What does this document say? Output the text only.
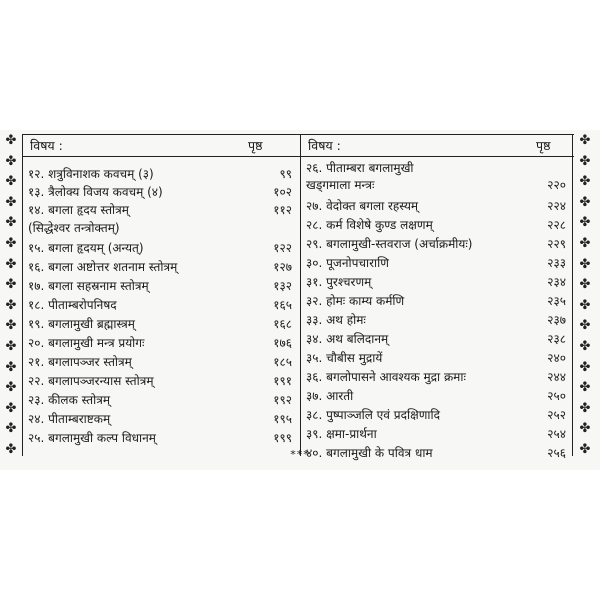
✤
✤
✤
✤
✤
✤
✤
✤
✤
✤
✤
✤
✤
✤
✤
✤
✤
✤
✤
✤
✤
✤
✤
✤
✤
✤
✤
✤
✤
✤
✤
✤
विषय :	पृष्ठ	विषय :	पृष्ठ
१२. शत्रुविनाशक कवचम् (३)	९९
१३. त्रैलोक्य विजय कवचम् (४)	१०२
१४. बगला हृदय स्तोत्रम्	११२
(सिद्धेश्वर तन्त्रोक्तम्)
१५. बगला हृदयम् (अन्यत्)	१२२
१६. बगला अष्टोत्तर शतनाम स्तोत्रम्	१२७
१७. बगला सहस्रनाम स्तोत्रम्	१३२
१८. पीताम्बरोपनिषद	१६५
१९. बगलामुखी ब्रह्मास्त्रम्	१६८
२०. बगलामुखी मन्त्र प्रयोगः	१७६
२१. बगलापञ्जर स्तोत्रम्	१८५
२२. बगलापञ्जरन्यास स्तोत्रम्	१९१
२३. कीलक स्तोत्रम्	१९२
२४. पीताम्बराष्टकम्	१९५
२५. बगलामुखी कल्प विधानम्	१९९
२६. पीताम्बरा बगलामुखी
खड्गमाला मन्त्रः	२२०
२७. वेदोक्त बगला रहस्यम्	२२४
२८. कर्म विशेषे कुण्ड लक्षणम्	२२८
२९. बगलामुखी-स्तवराज (अर्चाक्रमीयः)	२२९
३०. पूजनोपचाराणि	२३३
३१. पुरश्चरणम्	२३४
३२. होमः काम्य कर्मणि	२३५
३३. अथ होमः	२३७
३४. अथ बलिदानम्	२३८
३५. चौबीस मुद्रायें	२४०
३६. बगलोपासने आवश्यक मुद्रा क्रमाः	२४४
३७. आरती	२५०
३८. पुष्पाञ्जलि एवं प्रदक्षिणादि	२५२
३९. क्षमा-प्रार्थना	२५४
४०. बगलामुखी के पवित्र धाम	२५६
***
